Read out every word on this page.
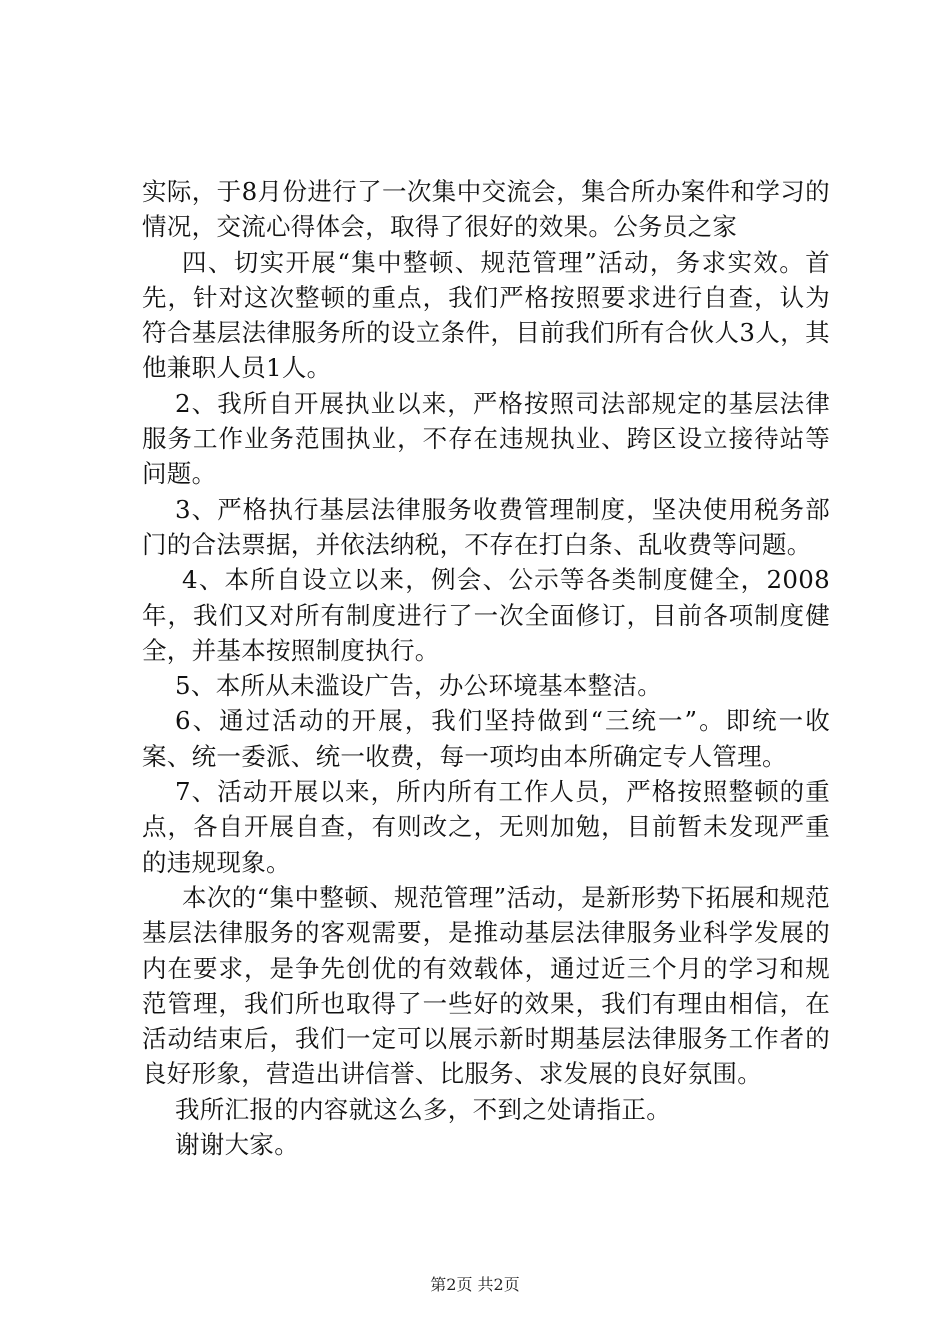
实际，于8月份进行了一次集中交流会，集合所办案件和学习的情况，交流心得体会，取得了很好的效果。公务员之家

四、切实开展“集中整顿、规范管理”活动，务求实效。首先，针对这次整顿的重点，我们严格按照要求进行自查，认为符合基层法律服务所的设立条件，目前我们所有合伙人3人，其他兼职人员1人。

2、我所自开展执业以来，严格按照司法部规定的基层法律服务工作业务范围执业，不存在违规执业、跨区设立接待站等问题。

3、严格执行基层法律服务收费管理制度，坚决使用税务部门的合法票据，并依法纳税，不存在打白条、乱收费等问题。

4、本所自设立以来，例会、公示等各类制度健全，2008年，我们又对所有制度进行了一次全面修订，目前各项制度健全，并基本按照制度执行。

5、本所从未滥设广告，办公环境基本整洁。

6、通过活动的开展，我们坚持做到“三统一”。即统一收案、统一委派、统一收费，每一项均由本所确定专人管理。

7、活动开展以来，所内所有工作人员，严格按照整顿的重点，各自开展自查，有则改之，无则加勉，目前暂未发现严重的违规现象。

本次的“集中整顿、规范管理”活动，是新形势下拓展和规范基层法律服务的客观需要，是推动基层法律服务业科学发展的内在要求，是争先创优的有效载体，通过近三个月的学习和规范管理，我们所也取得了一些好的效果，我们有理由相信，在活动结束后，我们一定可以展示新时期基层法律服务工作者的良好形象，营造出讲信誉、比服务、求发展的良好氛围。

我所汇报的内容就这么多，不到之处请指正。

谢谢大家。

第2页 共2页
